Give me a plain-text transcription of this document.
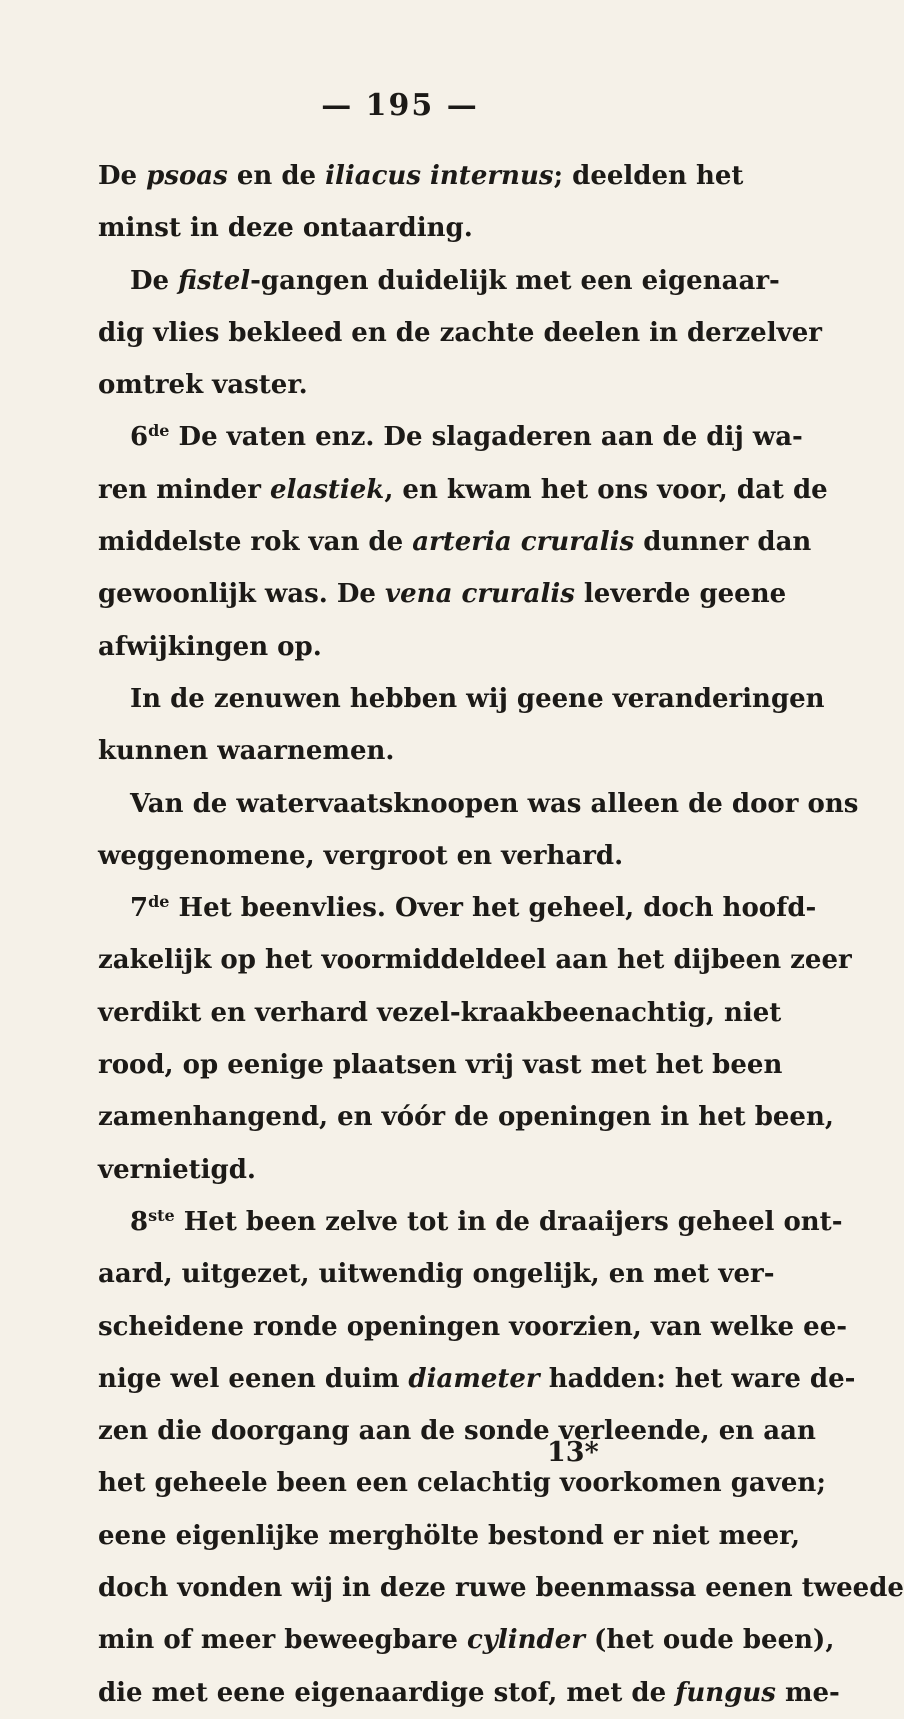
— 195 —
De psoas en de iliacus internus; deelden het
minst in deze ontaarding.
De fistel-gangen duidelijk met een eigenaar-
dig vlies bekleed en de zachte deelen in derzelver
omtrek vaster.
6de De vaten enz. De slagaderen aan de dij wa-
ren minder elastiek, en kwam het ons voor, dat de
middelste rok van de arteria cruralis dunner dan
gewoonlijk was. De vena cruralis leverde geene
afwijkingen op.
In de zenuwen hebben wij geene veranderingen
kunnen waarnemen.
Van de watervaatsknoopen was alleen de door ons
weggenomene, vergroot en verhard.
7de Het beenvlies. Over het geheel, doch hoofd-
zakelijk op het voormiddeldeel aan het dijbeen zeer
verdikt en verhard vezel-kraakbeenachtig, niet
rood, op eenige plaatsen vrij vast met het been
zamenhangend, en vóór de openingen in het been,
vernietigd.
8ste Het been zelve tot in de draaijers geheel ont-
aard, uitgezet, uitwendig ongelijk, en met ver-
scheidene ronde openingen voorzien, van welke ee-
nige wel eenen duim diameter hadden: het ware de-
zen die doorgang aan de sonde verleende, en aan
het geheele been een celachtig voorkomen gaven;
eene eigenlijke merghölte bestond er niet meer,
doch vonden wij in deze ruwe beenmassa eenen tweede
min of meer beweegbare cylinder (het oude been),
die met eene eigenaardige stof, met de fungus me-
13*
